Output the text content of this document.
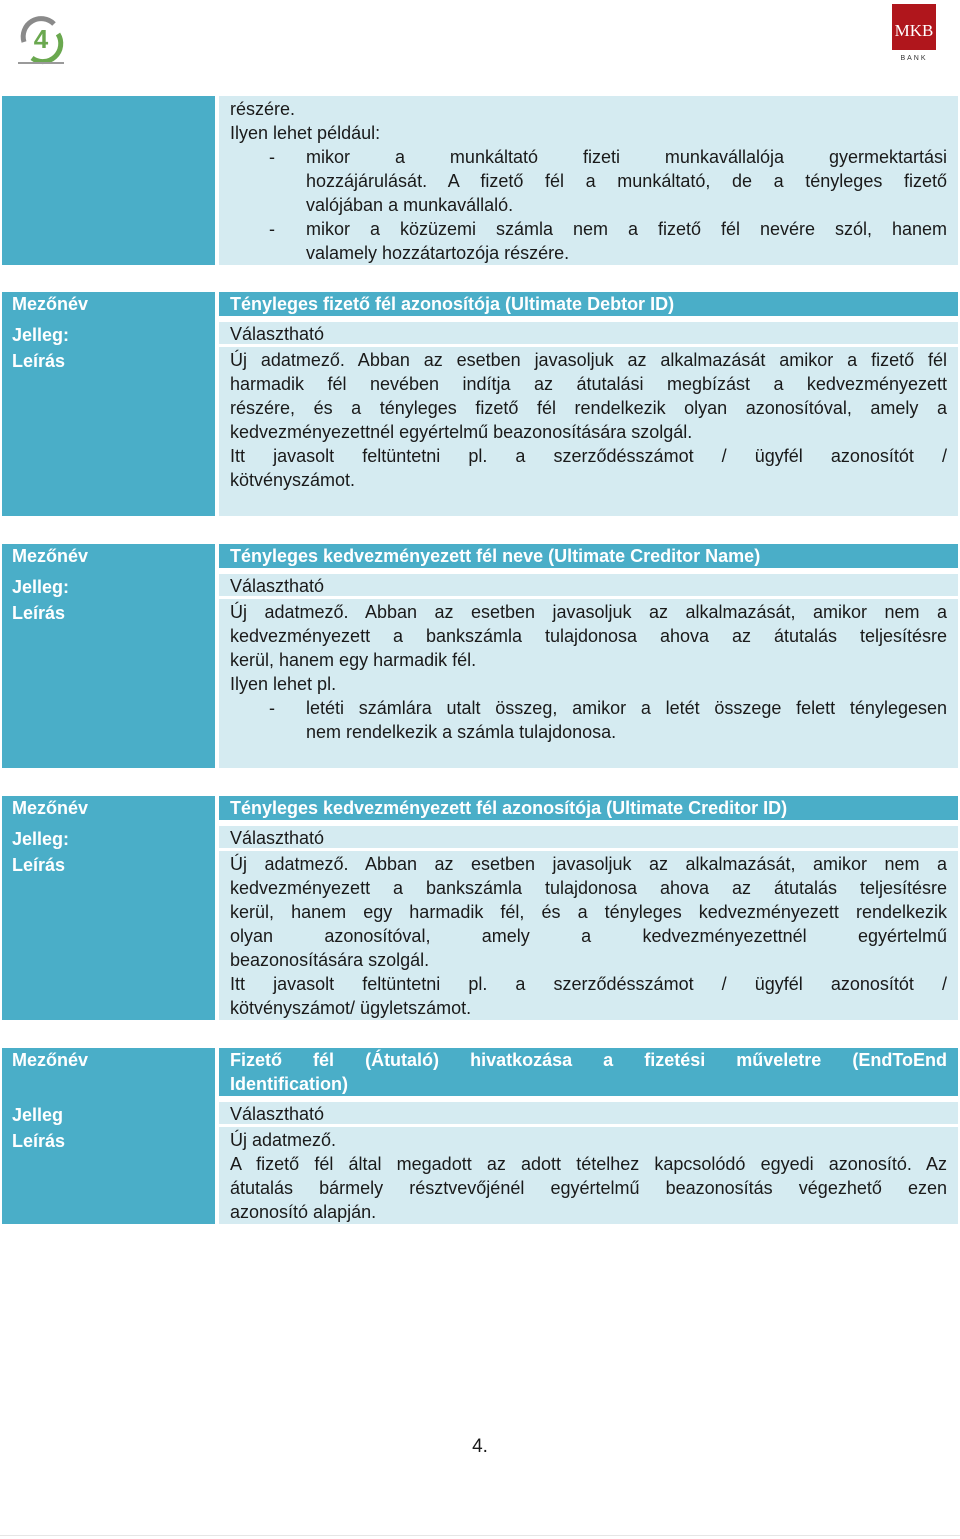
4	MKB
BANK
részére.
Ilyen lehet például:
- mikor a munkáltató fizeti munkavállalója gyermektartási
hozzájárulását. A fizető fél a munkáltató, de a tényleges fizető
valójában a munkavállaló.
- mikor a közüzemi számla nem a fizető fél nevére szól, hanem
valamely hozzátartozója részére.
Mezőnév
Jelleg:
Leírás
Tényleges fizető fél azonosítója (Ultimate Debtor ID)
Választható
Új adatmező. Abban az esetben javasoljuk az alkalmazását amikor a fizető fél
harmadik fél nevében indítja az átutalási megbízást a kedvezményezett
részére, és a tényleges fizető fél rendelkezik olyan azonosítóval, amely a
kedvezményezettnél egyértelmű beazonosítására szolgál.
Itt javasolt feltüntetni pl. a szerződésszámot / ügyfél azonosítót /
kötvényszámot.
Mezőnév
Jelleg:
Leírás
Tényleges kedvezményezett fél neve (Ultimate Creditor Name)
Választható
Új adatmező. Abban az esetben javasoljuk az alkalmazását, amikor nem a
kedvezményezett a bankszámla tulajdonosa ahova az átutalás teljesítésre
kerül, hanem egy harmadik fél.
Ilyen lehet pl.
- letéti számlára utalt összeg, amikor a letét összege felett ténylegesen
nem rendelkezik a számla tulajdonosa.
Mezőnév
Jelleg:
Leírás
Tényleges kedvezményezett fél azonosítója (Ultimate Creditor ID)
Választható
Új adatmező. Abban az esetben javasoljuk az alkalmazását, amikor nem a
kedvezményezett a bankszámla tulajdonosa ahova az átutalás teljesítésre
kerül, hanem egy harmadik fél, és a tényleges kedvezményezett rendelkezik
olyan azonosítóval, amely a kedvezményezettnél egyértelmű
beazonosítására szolgál.
Itt javasolt feltüntetni pl. a szerződésszámot / ügyfél azonosítót /
kötvényszámot/ ügyletszámot.
Mezőnév
Jelleg
Leírás
Fizető fél (Átutaló) hivatkozása a fizetési műveletre (EndToEnd
Identification)
Választható
Új adatmező.
A fizető fél által megadott az adott tételhez kapcsolódó egyedi azonosító. Az
átutalás bármely résztvevőjénél egyértelmű beazonosítás végezhető ezen
azonosító alapján.
4.
